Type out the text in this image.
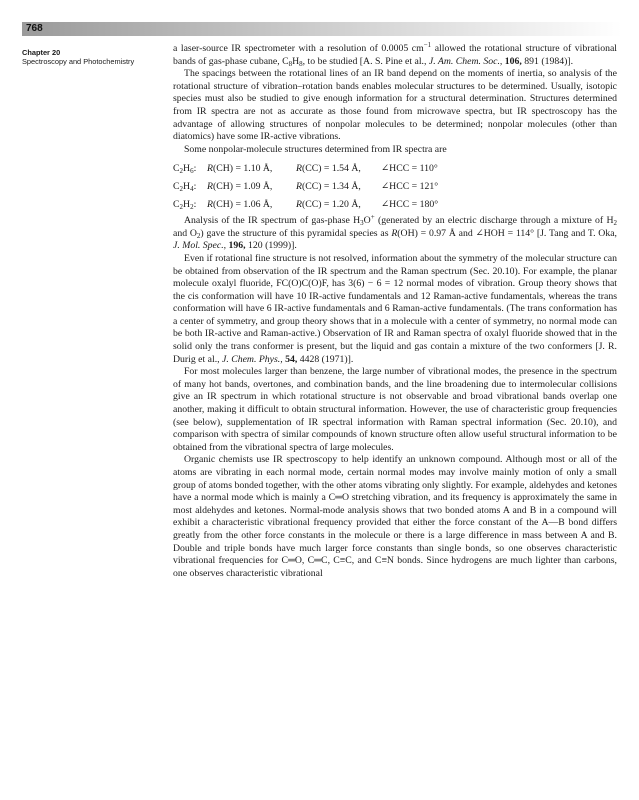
768
Chapter 20
Spectroscopy and Photochemistry

a laser-source IR spectrometer with a resolution of 0.0005 $cm^{-1}$ allowed the rotational structure of vibrational bands of gas-phase cubane, $C_8H_8$, to be studied [A. S. Pine et al., J. Am. Chem. Soc., 106, 891 (1984)].

The spacings between the rotational lines of an IR band depend on the moments of inertia, so analysis of the rotational structure of vibration–rotation bands enables molecular structures to be determined. Usually, isotopic species must also be studied to give enough information for a structural determination. Structures determined from IR spectra are not as accurate as those found from microwave spectra, but IR spectroscopy has the advantage of allowing structures of nonpolar molecules to be determined; nonpolar molecules (other than diatomics) have some IR-active vibrations.

Some nonpolar-molecule structures determined from IR spectra are

$C_2H_6$: R(CH) = 1.10 Å, R(CC) = 1.54 Å, ∠HCC = 110°
$C_2H_4$: R(CH) = 1.09 Å, R(CC) = 1.34 Å, ∠HCC = 121°
$C_2H_2$: R(CH) = 1.06 Å, R(CC) = 1.20 Å, ∠HCC = 180°

Analysis of the IR spectrum of gas-phase $H_3O^+$ (generated by an electric discharge through a mixture of $H_2$ and $O_2$) gave the structure of this pyramidal species as R(OH) = 0.97 Å and ∠HOH = 114° [J. Tang and T. Oka, J. Mol. Spec., 196, 120 (1999)].

Even if rotational fine structure is not resolved, information about the symmetry of the molecular structure can be obtained from observation of the IR spectrum and the Raman spectrum (Sec. 20.10). For example, the planar molecule oxalyl fluoride, FC(O)C(O)F, has 3(6) − 6 = 12 normal modes of vibration. Group theory shows that the cis conformation will have 10 IR-active fundamentals and 12 Raman-active fundamentals, whereas the trans conformation will have 6 IR-active fundamentals and 6 Raman-active fundamentals. (The trans conformation has a center of symmetry, and group theory shows that in a molecule with a center of symmetry, no normal mode can be both IR-active and Raman-active.) Observation of IR and Raman spectra of oxalyl fluoride showed that in the solid only the trans conformer is present, but the liquid and gas contain a mixture of the two conformers [J. R. Durig et al., J. Chem. Phys., 54, 4428 (1971)].

For most molecules larger than benzene, the large number of vibrational modes, the presence in the spectrum of many hot bands, overtones, and combination bands, and the line broadening due to intermolecular collisions give an IR spectrum in which rotational structure is not observable and broad vibrational bands overlap one another, making it difficult to obtain structural information. However, the use of characteristic group frequencies (see below), supplementation of IR spectral information with Raman spectral information (Sec. 20.10), and comparison with spectra of similar compounds of known structure often allow useful structural information to be obtained from the vibrational spectra of large molecules.

Organic chemists use IR spectroscopy to help identify an unknown compound. Although most or all of the atoms are vibrating in each normal mode, certain normal modes may involve mainly motion of only a small group of atoms bonded together, with the other atoms vibrating only slightly. For example, aldehydes and ketones have a normal mode which is mainly a C═O stretching vibration, and its frequency is approximately the same in most aldehydes and ketones. Normal-mode analysis shows that two bonded atoms A and B in a compound will exhibit a characteristic vibrational frequency provided that either the force constant of the A—B bond differs greatly from the other force constants in the molecule or there is a large difference in mass between A and B. Double and triple bonds have much larger force constants than single bonds, so one observes characteristic vibrational frequencies for C═O, C═C, C≡C, and C≡N bonds. Since hydrogens are much lighter than carbons, one observes characteristic vibrational
